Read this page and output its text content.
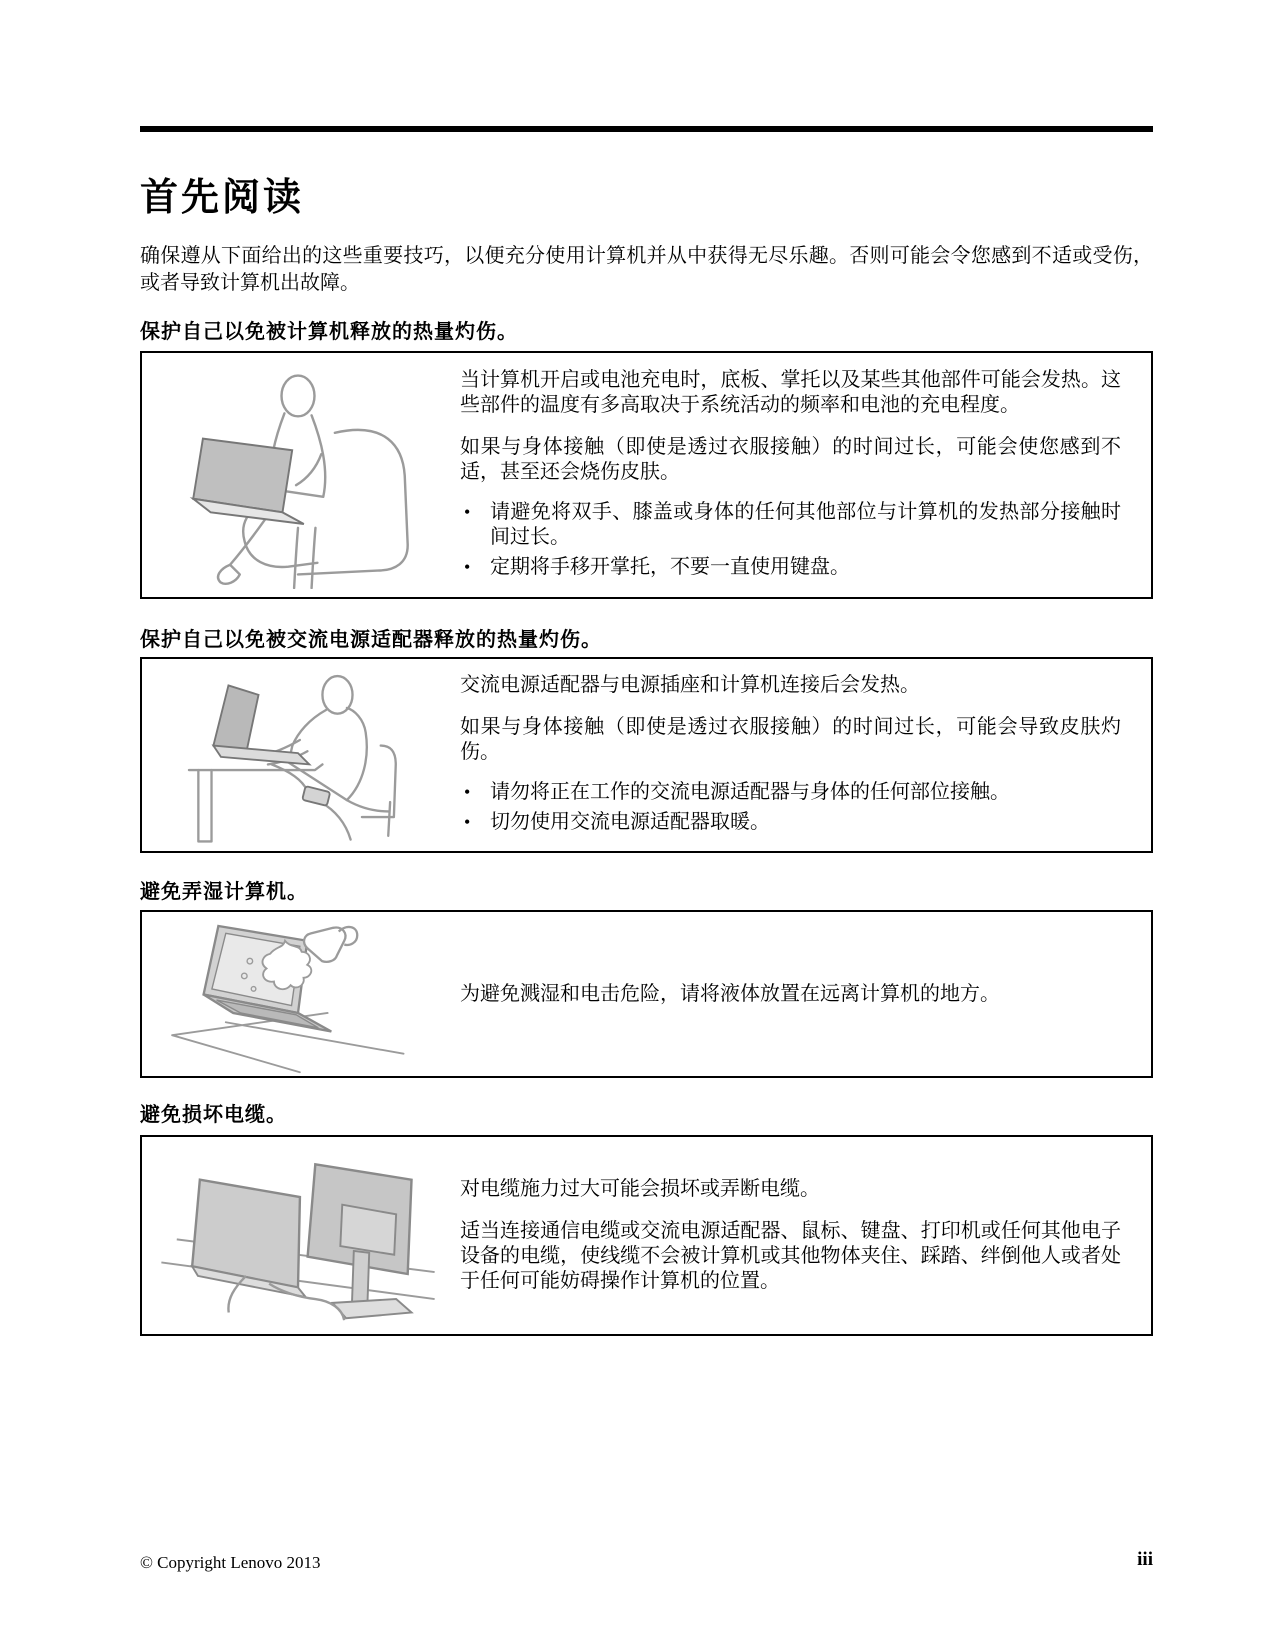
首先阅读

确保遵从下面给出的这些重要技巧，以便充分使用计算机并从中获得无尽乐趣。否则可能会令您感到不适或受伤，或者导致计算机出故障。

保护自己以免被计算机释放的热量灼伤。

当计算机开启或电池充电时，底板、掌托以及某些其他部件可能会发热。这些部件的温度有多高取决于系统活动的频率和电池的充电程度。

如果与身体接触（即使是透过衣服接触）的时间过长，可能会使您感到不适，甚至还会烧伤皮肤。

• 请避免将双手、膝盖或身体的任何其他部位与计算机的发热部分接触时间过长。
• 定期将手移开掌托，不要一直使用键盘。
保护自己以免被交流电源适配器释放的热量灼伤。

交流电源适配器与电源插座和计算机连接后会发热。

如果与身体接触（即使是透过衣服接触）的时间过长，可能会导致皮肤灼伤。

• 请勿将正在工作的交流电源适配器与身体的任何部位接触。
• 切勿使用交流电源适配器取暖。
避免弄湿计算机。

为避免溅湿和电击危险，请将液体放置在远离计算机的地方。

避免损坏电缆。

对电缆施力过大可能会损坏或弄断电缆。

适当连接通信电缆或交流电源适配器、鼠标、键盘、打印机或任何其他电子设备的电缆，使线缆不会被计算机或其他物体夹住、踩踏、绊倒他人或者处于任何可能妨碍操作计算机的位置。

© Copyright Lenovo 2013	iii
